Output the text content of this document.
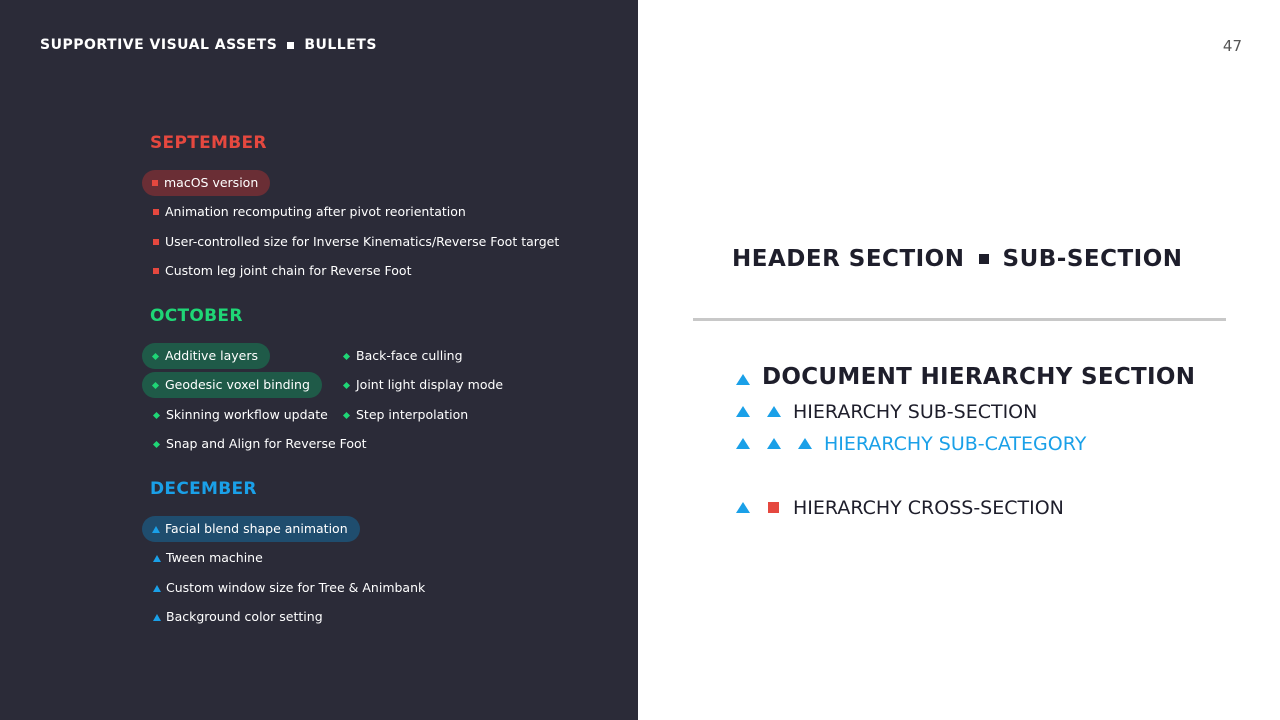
SUPPORTIVE VISUAL ASSETS BULLETS
SEPTEMBER
macOS version
Animation recomputing after pivot reorientation
User-controlled size for Inverse Kinematics/Reverse Foot target
Custom leg joint chain for Reverse Foot
OCTOBER
Additive layers
Geodesic voxel binding
Skinning workflow update
Snap and Align for Reverse Foot
Back-face culling
Joint light display mode
Step interpolation
DECEMBER
Facial blend shape animation
Tween machine
Custom window size for Tree & Animbank
Background color setting
47
HEADER SECTION SUB-SECTION
DOCUMENT HIERARCHY SECTION
HIERARCHY SUB-SECTION
HIERARCHY SUB-CATEGORY
HIERARCHY CROSS-SECTION
